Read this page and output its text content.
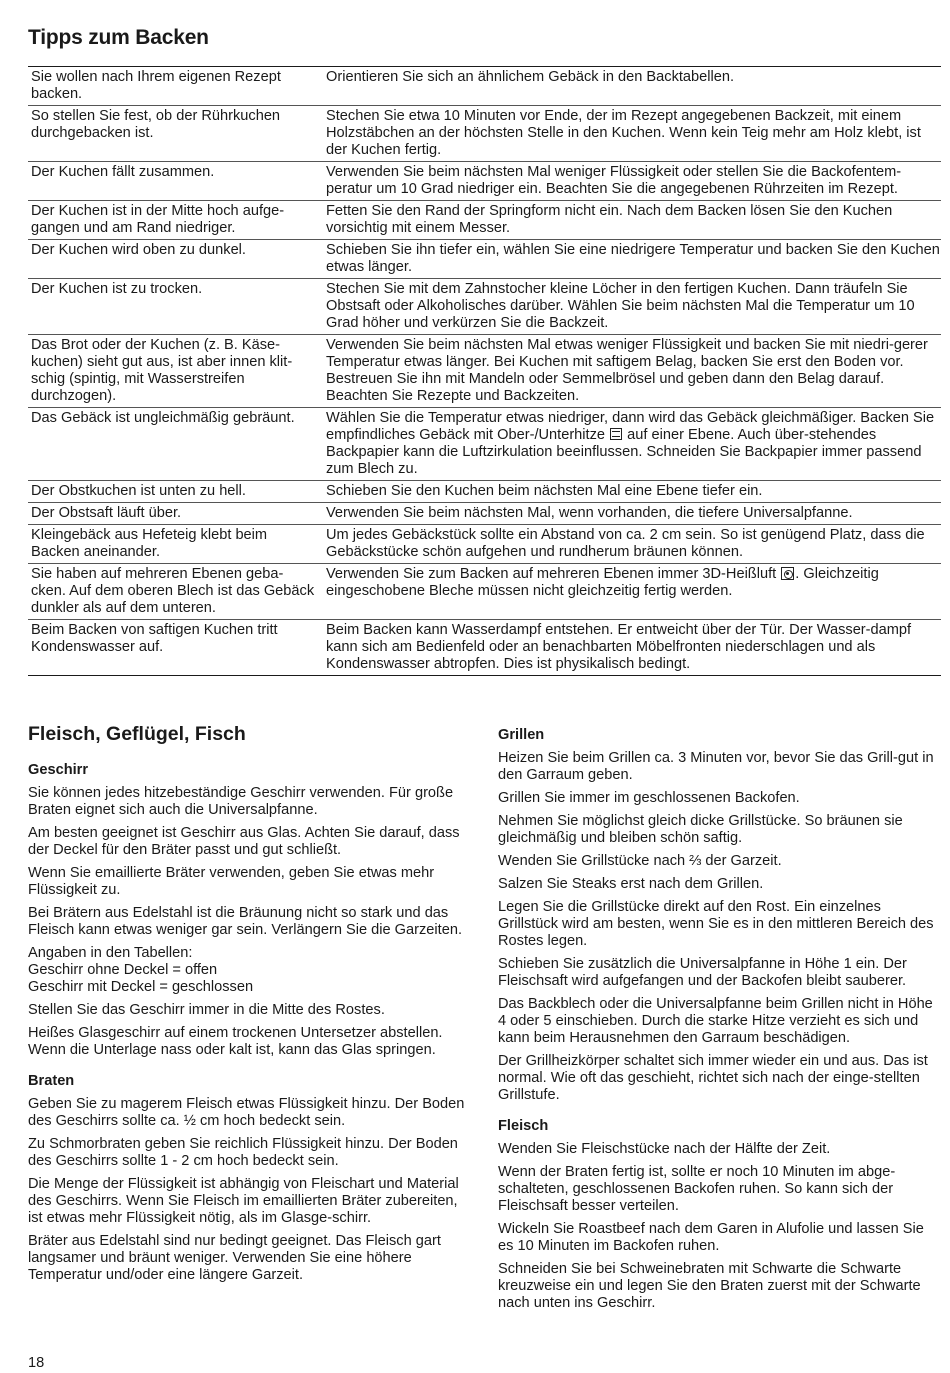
Tipps zum Backen
Sie wollen nach Ihrem eigenen Rezept backen.	Orientieren Sie sich an ähnlichem Gebäck in den Backtabellen.
So stellen Sie fest, ob der Rührkuchen durchgebacken ist.	Stechen Sie etwa 10 Minuten vor Ende, der im Rezept angegebenen Backzeit, mit einem Holzstäbchen an der höchsten Stelle in den Kuchen. Wenn kein Teig mehr am Holz klebt, ist der Kuchen fertig.
Der Kuchen fällt zusammen.	Verwenden Sie beim nächsten Mal weniger Flüssigkeit oder stellen Sie die Backofentem-peratur um 10 Grad niedriger ein. Beachten Sie die angegebenen Rührzeiten im Rezept.
Der Kuchen ist in der Mitte hoch aufge-gangen und am Rand niedriger.	Fetten Sie den Rand der Springform nicht ein. Nach dem Backen lösen Sie den Kuchen vorsichtig mit einem Messer.
Der Kuchen wird oben zu dunkel.	Schieben Sie ihn tiefer ein, wählen Sie eine niedrigere Temperatur und backen Sie den Kuchen etwas länger.
Der Kuchen ist zu trocken.	Stechen Sie mit dem Zahnstocher kleine Löcher in den fertigen Kuchen. Dann träufeln Sie Obstsaft oder Alkoholisches darüber. Wählen Sie beim nächsten Mal die Temperatur um 10 Grad höher und verkürzen Sie die Backzeit.
Das Brot oder der Kuchen (z. B. Käse-kuchen) sieht gut aus, ist aber innen klit-schig (spintig, mit Wasserstreifen durchzogen).	Verwenden Sie beim nächsten Mal etwas weniger Flüssigkeit und backen Sie mit niedri-gerer Temperatur etwas länger. Bei Kuchen mit saftigem Belag, backen Sie erst den Boden vor. Bestreuen Sie ihn mit Mandeln oder Semmelbrösel und geben dann den Belag darauf. Beachten Sie Rezepte und Backzeiten.
Das Gebäck ist ungleichmäßig gebräunt.	Wählen Sie die Temperatur etwas niedriger, dann wird das Gebäck gleichmäßiger. Backen Sie empfindliches Gebäck mit Ober-/Unterhitze auf einer Ebene. Auch über-stehendes Backpapier kann die Luftzirkulation beeinflussen. Schneiden Sie Backpapier immer passend zum Blech zu.
Der Obstkuchen ist unten zu hell.	Schieben Sie den Kuchen beim nächsten Mal eine Ebene tiefer ein.
Der Obstsaft läuft über.	Verwenden Sie beim nächsten Mal, wenn vorhanden, die tiefere Universalpfanne.
Kleingebäck aus Hefeteig klebt beim Backen aneinander.	Um jedes Gebäckstück sollte ein Abstand von ca. 2 cm sein. So ist genügend Platz, dass die Gebäckstücke schön aufgehen und rundherum bräunen können.
Sie haben auf mehreren Ebenen geba-cken. Auf dem oberen Blech ist das Gebäck dunkler als auf dem unteren.	Verwenden Sie zum Backen auf mehreren Ebenen immer 3D-Heißluft . Gleichzeitig eingeschobene Bleche müssen nicht gleichzeitig fertig werden.
Beim Backen von saftigen Kuchen tritt Kondenswasser auf.	Beim Backen kann Wasserdampf entstehen. Er entweicht über der Tür. Der Wasser-dampf kann sich am Bedienfeld oder an benachbarten Möbelfronten niederschlagen und als Kondenswasser abtropfen. Dies ist physikalisch bedingt.
Fleisch, Geflügel, Fisch
Geschirr

Sie können jedes hitzebeständige Geschirr verwenden. Für große Braten eignet sich auch die Universalpfanne.

Am besten geeignet ist Geschirr aus Glas. Achten Sie darauf, dass der Deckel für den Bräter passt und gut schließt.

Wenn Sie emaillierte Bräter verwenden, geben Sie etwas mehr Flüssigkeit zu.

Bei Brätern aus Edelstahl ist die Bräunung nicht so stark und das Fleisch kann etwas weniger gar sein. Verlängern Sie die Garzeiten.

Angaben in den Tabellen:
Geschirr ohne Deckel = offen
Geschirr mit Deckel = geschlossen

Stellen Sie das Geschirr immer in die Mitte des Rostes.

Heißes Glasgeschirr auf einem trockenen Untersetzer abstellen. Wenn die Unterlage nass oder kalt ist, kann das Glas springen.

Braten

Geben Sie zu magerem Fleisch etwas Flüssigkeit hinzu. Der Boden des Geschirrs sollte ca. ½ cm hoch bedeckt sein.

Zu Schmorbraten geben Sie reichlich Flüssigkeit hinzu. Der Boden des Geschirrs sollte 1 - 2 cm hoch bedeckt sein.

Die Menge der Flüssigkeit ist abhängig von Fleischart und Material des Geschirrs. Wenn Sie Fleisch im emaillierten Bräter zubereiten, ist etwas mehr Flüssigkeit nötig, als im Glasge-schirr.

Bräter aus Edelstahl sind nur bedingt geeignet. Das Fleisch gart langsamer und bräunt weniger. Verwenden Sie eine höhere Temperatur und/oder eine längere Garzeit.

Grillen

Heizen Sie beim Grillen ca. 3 Minuten vor, bevor Sie das Grill-gut in den Garraum geben.

Grillen Sie immer im geschlossenen Backofen.

Nehmen Sie möglichst gleich dicke Grillstücke. So bräunen sie gleichmäßig und bleiben schön saftig.

Wenden Sie Grillstücke nach ⅔ der Garzeit.

Salzen Sie Steaks erst nach dem Grillen.

Legen Sie die Grillstücke direkt auf den Rost. Ein einzelnes Grillstück wird am besten, wenn Sie es in den mittleren Bereich des Rostes legen.

Schieben Sie zusätzlich die Universalpfanne in Höhe 1 ein. Der Fleischsaft wird aufgefangen und der Backofen bleibt sauberer.

Das Backblech oder die Universalpfanne beim Grillen nicht in Höhe 4 oder 5 einschieben. Durch die starke Hitze verzieht es sich und kann beim Herausnehmen den Garraum beschädigen.

Der Grillheizkörper schaltet sich immer wieder ein und aus. Das ist normal. Wie oft das geschieht, richtet sich nach der einge-stellten Grillstufe.

Fleisch

Wenden Sie Fleischstücke nach der Hälfte der Zeit.

Wenn der Braten fertig ist, sollte er noch 10 Minuten im abge-schalteten, geschlossenen Backofen ruhen. So kann sich der Fleischsaft besser verteilen.

Wickeln Sie Roastbeef nach dem Garen in Alufolie und lassen Sie es 10 Minuten im Backofen ruhen.

Schneiden Sie bei Schweinebraten mit Schwarte die Schwarte kreuzweise ein und legen Sie den Braten zuerst mit der Schwarte nach unten ins Geschirr.

18
